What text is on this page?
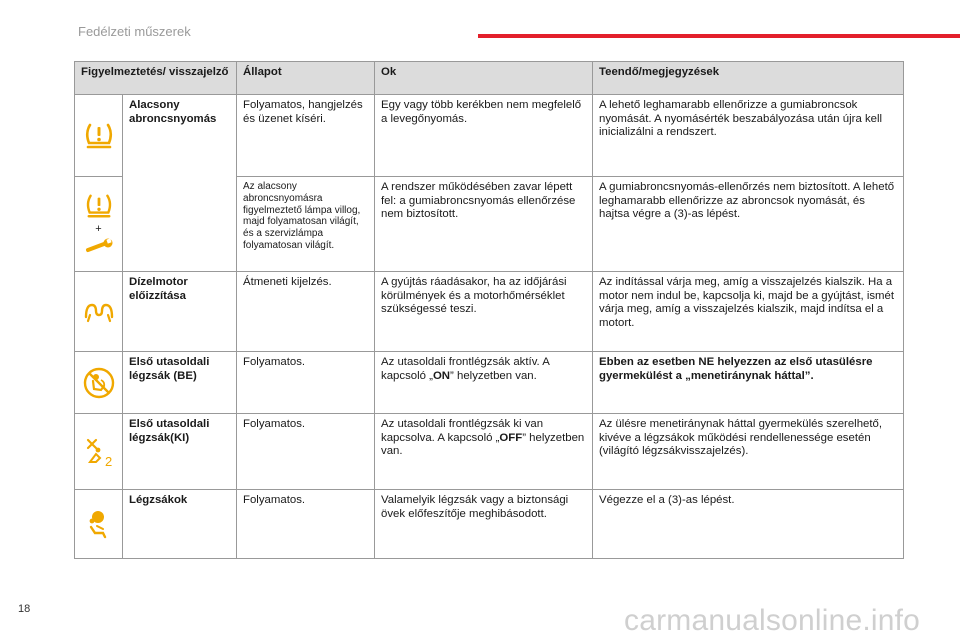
Fedélzeti műszerek
Figyelmeztetés/ visszajelző		Állapot	Ok	Teendő/megjegyzések

	Alacsony abroncsnyomás	Folyamatos, hangjelzés és üzenet kíséri.	Egy vagy több kerékben nem megfelelő a levegőnyomás.	A lehető leghamarabb ellenőrizze a gumiabroncsok nyomását. A nyomásérték beszabályozása után újra kell inicializálni a rendszert.

+		Az alacsony abroncsnyomásra figyelmeztető lámpa villog, majd folyamatosan világít, és a szervizlámpa folyamatosan világít.	A rendszer működésében zavar lépett fel: a gumiabroncsnyomás ellenőrzése nem biztosított.	A gumiabroncsnyomás-ellenőrzés nem biztosított. A lehető leghamarabb ellenőrizze az abroncsok nyomását, és hajtsa végre a (3)-as lépést.

	Dízelmotor előizzítása	Átmeneti kijelzés.	A gyújtás ráadásakor, ha az időjárási körülmények és a motorhőmérséklet szükségessé teszi.	Az indítással várja meg, amíg a visszajelzés kialszik. Ha a motor nem indul be, kapcsolja ki, majd be a gyújtást, ismét várja meg, amíg a visszajelzés kialszik, majd indítsa el a motort.

	Első utasoldali légzsák (BE)	Folyamatos.	Az utasoldali frontlégzsák aktív. A kapcsoló „ON” helyzetben van.	Ebben az esetben NE helyezzen az első utasülésre gyermekülést a „menetiránynak háttal”.

2	Első utasoldali légzsák(KI)	Folyamatos.	Az utasoldali frontlégzsák ki van kapcsolva. A kapcsoló „OFF” helyzetben van.	Az ülésre menetiránynak háttal gyermekülés szerelhető, kivéve a légzsákok működési rendellenessége esetén (világító légzsákvisszajelzés).

	Légzsákok	Folyamatos.	Valamelyik légzsák vagy a biztonsági övek előfeszítője meghibásodott.	Végezze el a (3)-as lépést.
18	carmanualsonline.info
